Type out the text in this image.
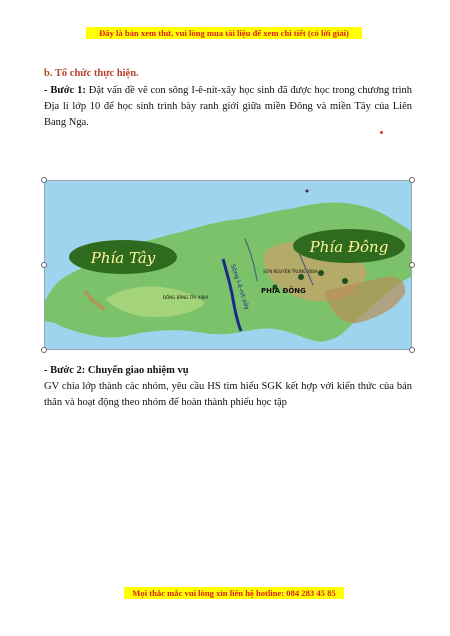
Đây là bản xem thử, vui lòng mua tài liệu để xem chi tiết (có lời giải)
b. Tổ chức thực hiện.
- Bước 1: Đặt vấn đề vẽ con sông I-ê-nít-xây học sinh đã được học trong chương trình Địa lí lớp 10 để học sinh trình bày ranh giới giữa miền Đông và miền Tây của Liên Bang Nga.
Phía Tây
Phía Đông
Sông I-ê-nít-xây PHÍA ĐÔNG
SƠN NGUYÊN TRUNG XIBIA
ĐỒNG BẰNG TÂY XIBIA
- Bước 2: Chuyển giao nhiệm vụ
GV chia lớp thành các nhóm, yêu cầu HS tìm hiểu SGK kết hợp với kiến thức của bản thân và hoạt động theo nhóm để hoàn thành phiếu học tập
Mọi thắc mắc vui lòng xin liên hệ hotline: 084 283 45 85
